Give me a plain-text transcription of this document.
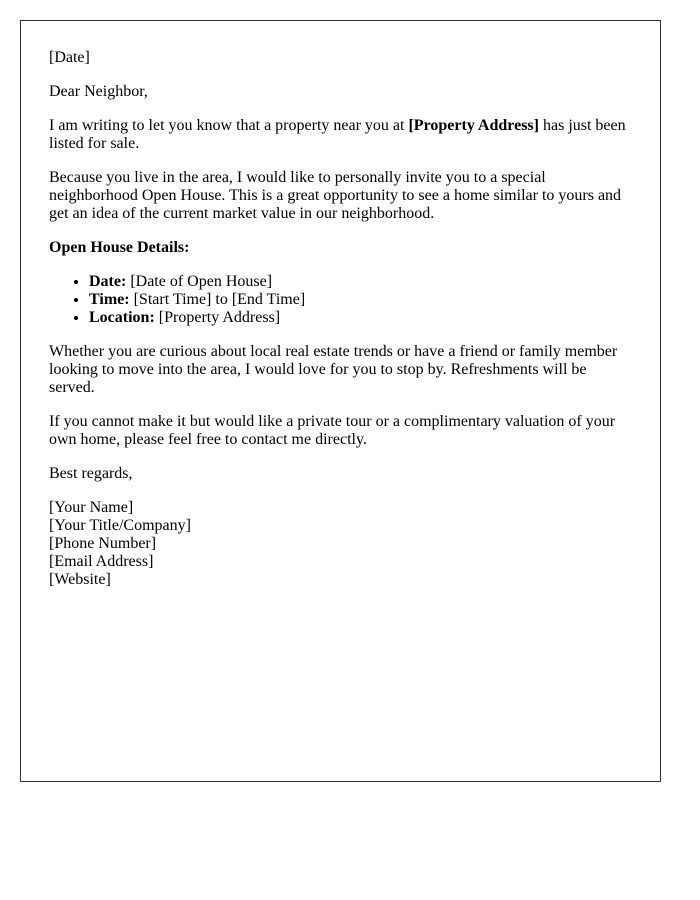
[Date]

Dear Neighbor,

I am writing to let you know that a property near you at [Property Address] has just been listed for sale.

Because you live in the area, I would like to personally invite you to a special neighborhood Open House. This is a great opportunity to see a home similar to yours and get an idea of the current market value in our neighborhood.

Open House Details:

• Date: [Date of Open House]
• Time: [Start Time] to [End Time]
• Location: [Property Address]

Whether you are curious about local real estate trends or have a friend or family member looking to move into the area, I would love for you to stop by. Refreshments will be served.

If you cannot make it but would like a private tour or a complimentary valuation of your own home, please feel free to contact me directly.

Best regards,

[Your Name]
[Your Title/Company]
[Phone Number]
[Email Address]
[Website]
